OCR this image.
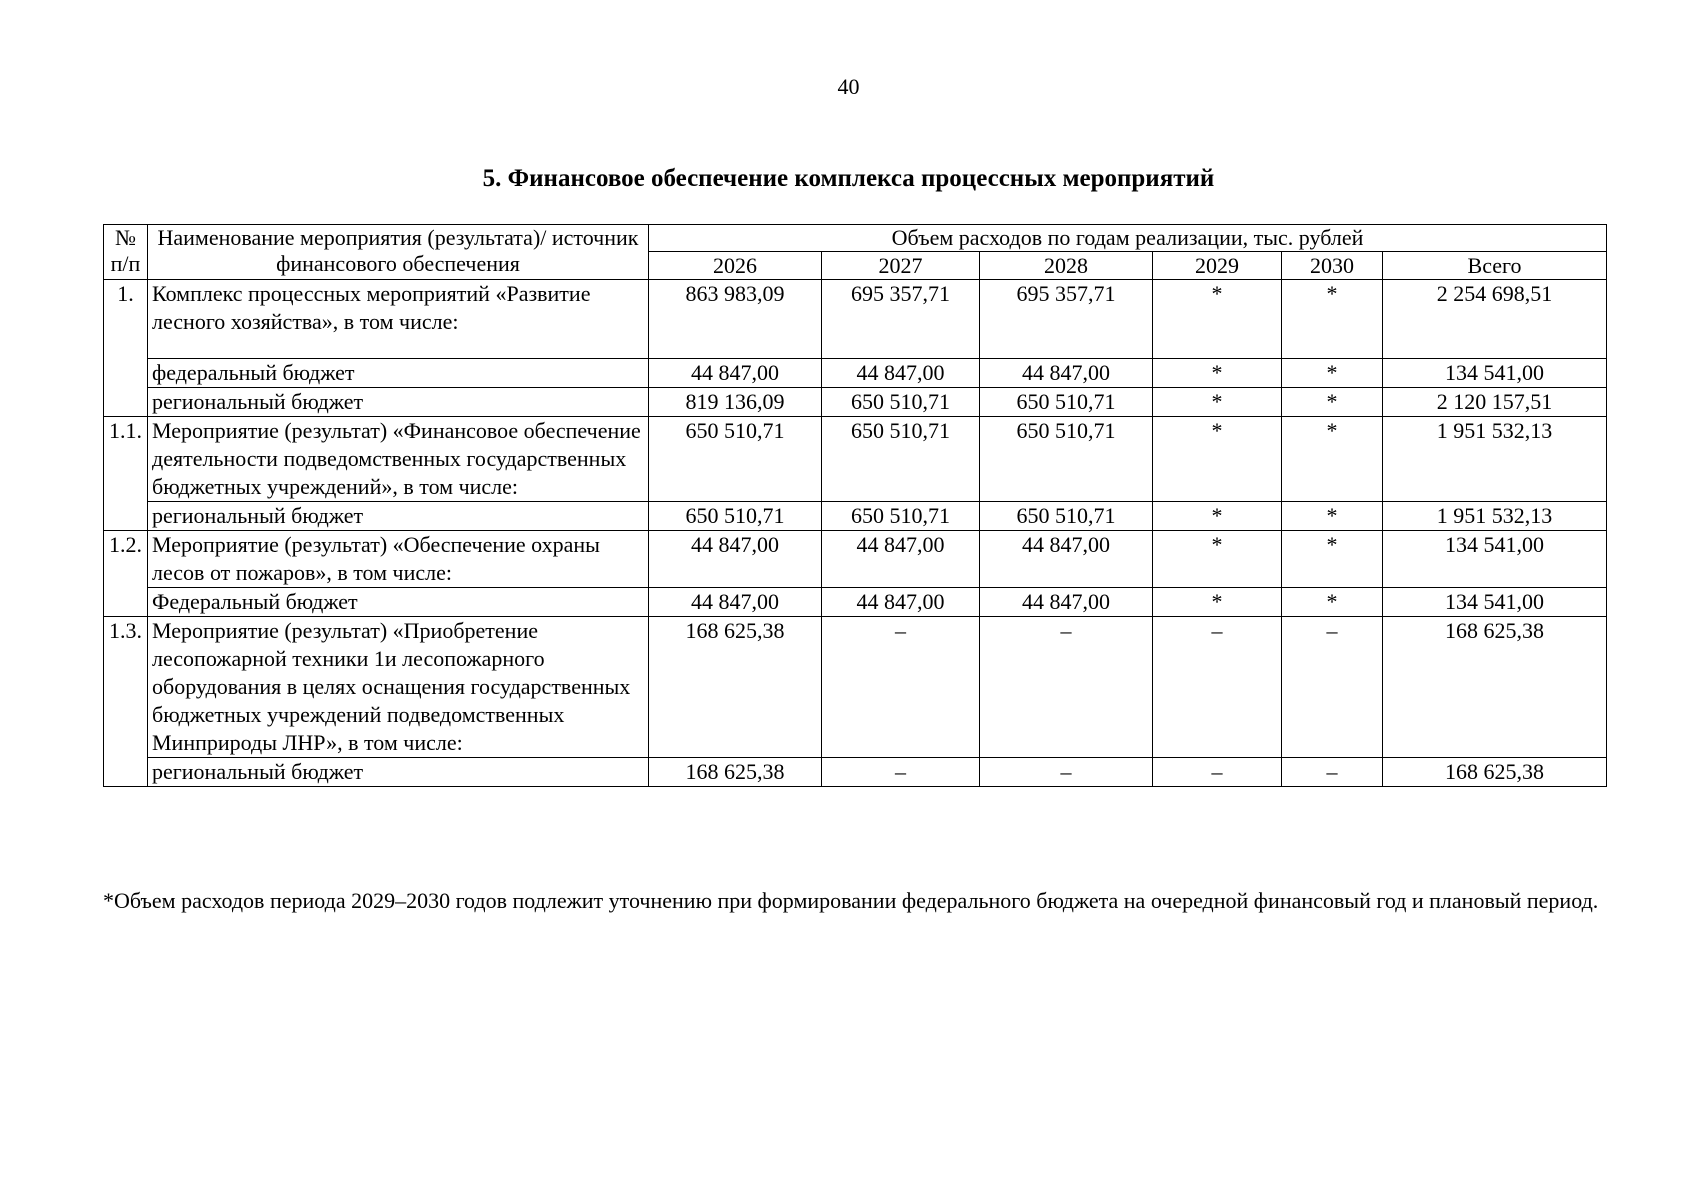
40
5. Финансовое обеспечение комплекса процессных мероприятий
№ п/п	Наименование мероприятия (результата)/ источник финансового обеспечения	Объем расходов по годам реализации, тыс. рублей					
		2026	2027	2028	2029	2030	Всего
1.	Комплекс процессных мероприятий «Развитие лесного хозяйства», в том числе:	863 983,09	695 357,71	695 357,71	*	*	2 254 698,51
	федеральный бюджет	44 847,00	44 847,00	44 847,00	*	*	134 541,00
	региональный бюджет	819 136,09	650 510,71	650 510,71	*	*	2 120 157,51
1.1.	Мероприятие (результат) «Финансовое обеспечение деятельности подведомственных государственных бюджетных учреждений», в том числе:	650 510,71	650 510,71	650 510,71	*	*	1 951 532,13
	региональный бюджет	650 510,71	650 510,71	650 510,71	*	*	1 951 532,13
1.2.	Мероприятие (результат) «Обеспечение охраны лесов от пожаров», в том числе:	44 847,00	44 847,00	44 847,00	*	*	134 541,00
	Федеральный бюджет	44 847,00	44 847,00	44 847,00	*	*	134 541,00
1.3.	Мероприятие (результат) «Приобретение лесопожарной техники 1и лесопожарного оборудования в целях оснащения государственных бюджетных учреждений подведомственных Минприроды ЛНР», в том числе:	168 625,38	–	–	–	–	168 625,38
	региональный бюджет	168 625,38	–	–	–	–	168 625,38
*Объем расходов периода 2029–2030 годов подлежит уточнению при формировании федерального бюджета на очередной финансовый год и плановый период.
